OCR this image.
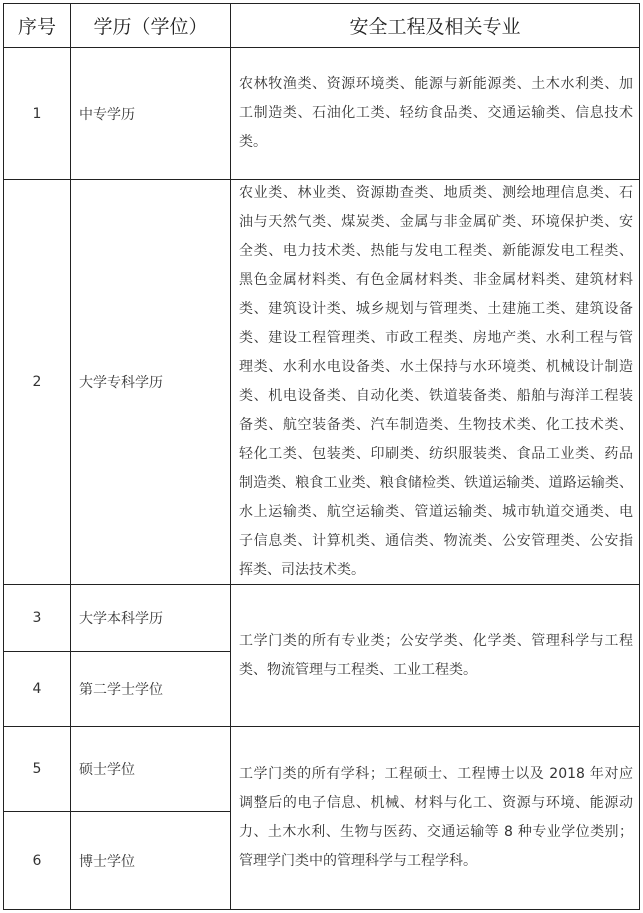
序号	学历（学位）	安全工程及相关专业
1	中专学历
农林牧渔类、资源环境类、能源与新能源类、土木水利类、加
工制造类、石油化工类、轻纺食品类、交通运输类、信息技术
类。
2	大学专科学历
农业类、林业类、资源勘查类、地质类、测绘地理信息类、石
油与天然气类、煤炭类、金属与非金属矿类、环境保护类、安
全类、电力技术类、热能与发电工程类、新能源发电工程类、
黑色金属材料类、有色金属材料类、非金属材料类、建筑材料
类、建筑设计类、城乡规划与管理类、土建施工类、建筑设备
类、建设工程管理类、市政工程类、房地产类、水利工程与管
理类、水利水电设备类、水土保持与水环境类、机械设计制造
类、机电设备类、自动化类、铁道装备类、船舶与海洋工程装
备类、航空装备类、汽车制造类、生物技术类、化工技术类、
轻化工类、包装类、印刷类、纺织服装类、食品工业类、药品
制造类、粮食工业类、粮食储检类、铁道运输类、道路运输类、
水上运输类、航空运输类、管道运输类、城市轨道交通类、电
子信息类、计算机类、通信类、物流类、公安管理类、公安指
挥类、司法技术类。
3	大学本科学历
4	第二学士学位
工学门类的所有专业类；公安学类、化学类、管理科学与工程
类、物流管理与工程类、工业工程类。
5	硕士学位
6	博士学位
工学门类的所有学科；工程硕士、工程博士以及 2018 年对应
调整后的电子信息、机械、材料与化工、资源与环境、能源动
力、土木水利、生物与医药、交通运输等 8 种专业学位类别；
管理学门类中的管理科学与工程学科。
